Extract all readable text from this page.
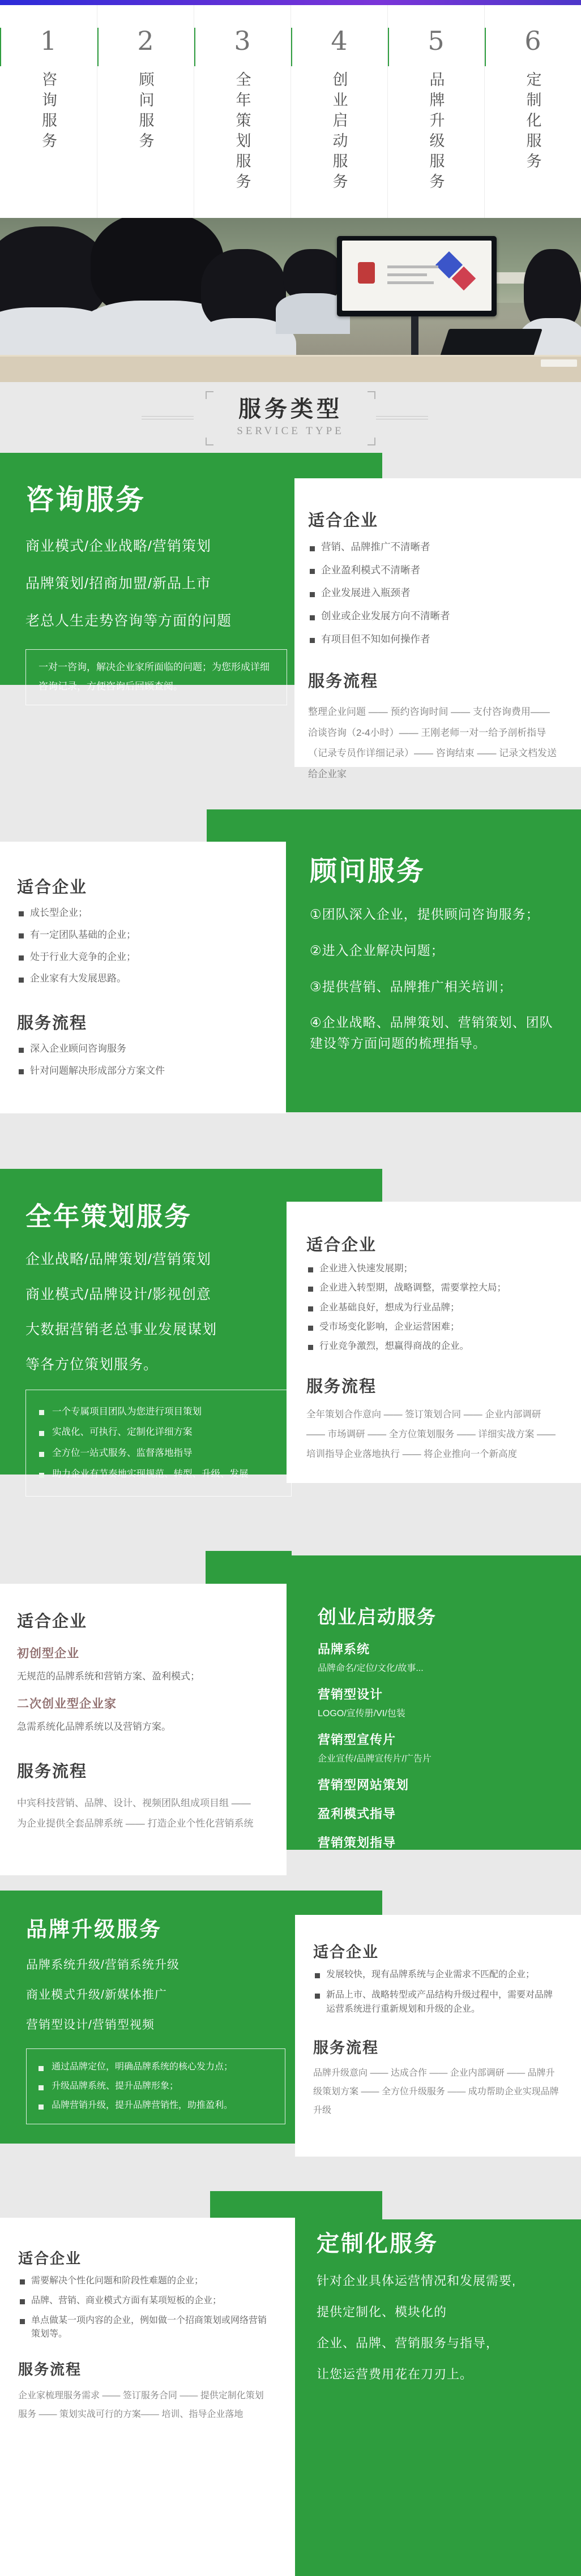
1
咨询服务
2
顾问服务
3
全年策划服务
4
创业启动服务
5
品牌升级服务
6
定制化服务
服务类型
SERVICE TYPE
咨询服务
商业模式/企业战略/营销策划
品牌策划/招商加盟/新品上市
老总人生走势咨询等方面的问题
一对一咨询，解决企业家所面临的问题；为您形成详细咨询记录，方便咨询后回顾查阅。
适合企业
营销、品牌推广不清晰者
企业盈利模式不清晰者
企业发展进入瓶颈者
创业或企业发展方向不清晰者
有项目但不知如何操作者
服务流程
整理企业问题 —— 预约咨询时间 —— 支付咨询费用——洽谈咨询（2-4小时）—— 王刚老师一对一给予剖析指导（记录专员作详细记录）—— 咨询结束 —— 记录文档发送给企业家
顾问服务
①团队深入企业，提供顾问咨询服务；
②进入企业解决问题；
③提供营销、品牌推广相关培训；
④企业战略、品牌策划、营销策划、团队建设等方面问题的梳理指导。
适合企业
成长型企业；
有一定团队基础的企业；
处于行业大竞争的企业；
企业家有大发展思路。
服务流程
深入企业顾问咨询服务
针对问题解决形成部分方案文件
全年策划服务
企业战略/品牌策划/营销策划
商业模式/品牌设计/影视创意
大数据营销老总事业发展谋划
等各方位策划服务。
一个专属项目团队为您进行项目策划
实战化、可执行、定制化详细方案
全方位一站式服务、监督落地指导
助力企业有节奏地实现规范、转型、升级、发展
适合企业
企业进入快速发展期；
企业进入转型期，战略调整，需要掌控大局；
企业基础良好，想成为行业品牌；
受市场变化影响，企业运营困难；
行业竞争激烈，想赢得商战的企业。
服务流程
全年策划合作意向 —— 签订策划合同 —— 企业内部调研 —— 市场调研 —— 全方位策划服务 —— 详细实战方案 —— 培训指导企业落地执行 —— 将企业推向一个新高度
创业启动服务
品牌系统
品牌命名/定位/文化/故事...
营销型设计
LOGO/宣传册/VI/包装
营销型宣传片
企业宣传/品牌宣传片/广告片
营销型网站策划
盈利模式指导
营销策划指导
适合企业
初创型企业
无规范的品牌系统和营销方案、盈利模式；
二次创业型企业家
急需系统化品牌系统以及营销方案。
服务流程
中宾科技营销、品牌、设计、视频团队组成项目组 —— 为企业提供全套品牌系统 —— 打造企业个性化营销系统
品牌升级服务
品牌系统升级/营销系统升级
商业模式升级/新媒体推广
营销型设计/营销型视频
通过品牌定位，明确品牌系统的核心发力点；
升级品牌系统、提升品牌形象；
品牌营销升级，提升品牌营销性，助推盈利。
适合企业
发展较快，现有品牌系统与企业需求不匹配的企业；
新品上市、战略转型或产品结构升级过程中，需要对品牌运营系统进行重新规划和升级的企业。
服务流程
品牌升级意向 —— 达成合作 —— 企业内部调研 —— 品牌升级策划方案 —— 全方位升级服务 —— 成功帮助企业实现品牌升级
定制化服务
针对企业具体运营情况和发展需要,
提供定制化、模块化的
企业、品牌、营销服务与指导，
让您运营费用花在刀刃上。
适合企业
需要解决个性化问题和阶段性难题的企业；
品牌、营销、商业模式方面有某项短板的企业；
单点做某一项内容的企业，例如做一个招商策划或网络营销策划等。
服务流程
企业家梳理服务需求 —— 签订服务合同 —— 提供定制化策划服务 —— 策划实战可行的方案—— 培训、指导企业落地
